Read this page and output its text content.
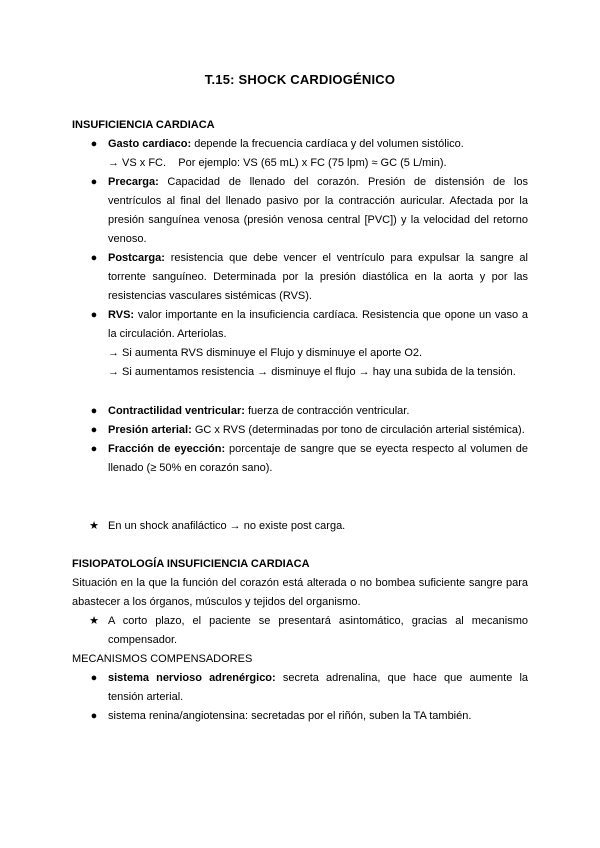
T.15: SHOCK CARDIOGÉNICO
INSUFICIENCIA CARDIACA
● Gasto cardiaco: depende la frecuencia cardíaca y del volumen sistólico.
→ VS x FC.    Por ejemplo: VS (65 mL) x FC (75 lpm) ≈ GC (5 L/min).
● Precarga: Capacidad de llenado del corazón. Presión de distensión de los ventrículos al final del llenado pasivo por la contracción auricular. Afectada por la presión sanguínea venosa (presión venosa central [PVC]) y la velocidad del retorno venoso.
● Postcarga: resistencia que debe vencer el ventrículo para expulsar la sangre al torrente sanguíneo. Determinada por la presión diastólica en la aorta y por las resistencias vasculares sistémicas (RVS).
● RVS: valor importante en la insuficiencia cardíaca. Resistencia que opone un vaso a la circulación. Arteriolas.
→ Si aumenta RVS disminuye el Flujo y disminuye el aporte O2.
→ Si aumentamos resistencia → disminuye el flujo → hay una subida de la tensión.
● Contractilidad ventricular: fuerza de contracción ventricular.
● Presión arterial: GC x RVS (determinadas por tono de circulación arterial sistémica).
● Fracción de eyección: porcentaje de sangre que se eyecta respecto al volumen de llenado (≥ 50% en corazón sano).
★ En un shock anafiláctico → no existe post carga.
FISIOPATOLOGÍA INSUFICIENCIA CARDIACA
Situación en la que la función del corazón está alterada o no bombea suficiente sangre para abastecer a los órganos, músculos y tejidos del organismo.
★ A corto plazo, el paciente se presentará asintomático, gracias al mecanismo compensador.
MECANISMOS COMPENSADORES
● sistema nervioso adrenérgico: secreta adrenalina, que hace que aumente la tensión arterial.
● sistema renina/angiotensina: secretadas por el riñón, suben la TA también.
